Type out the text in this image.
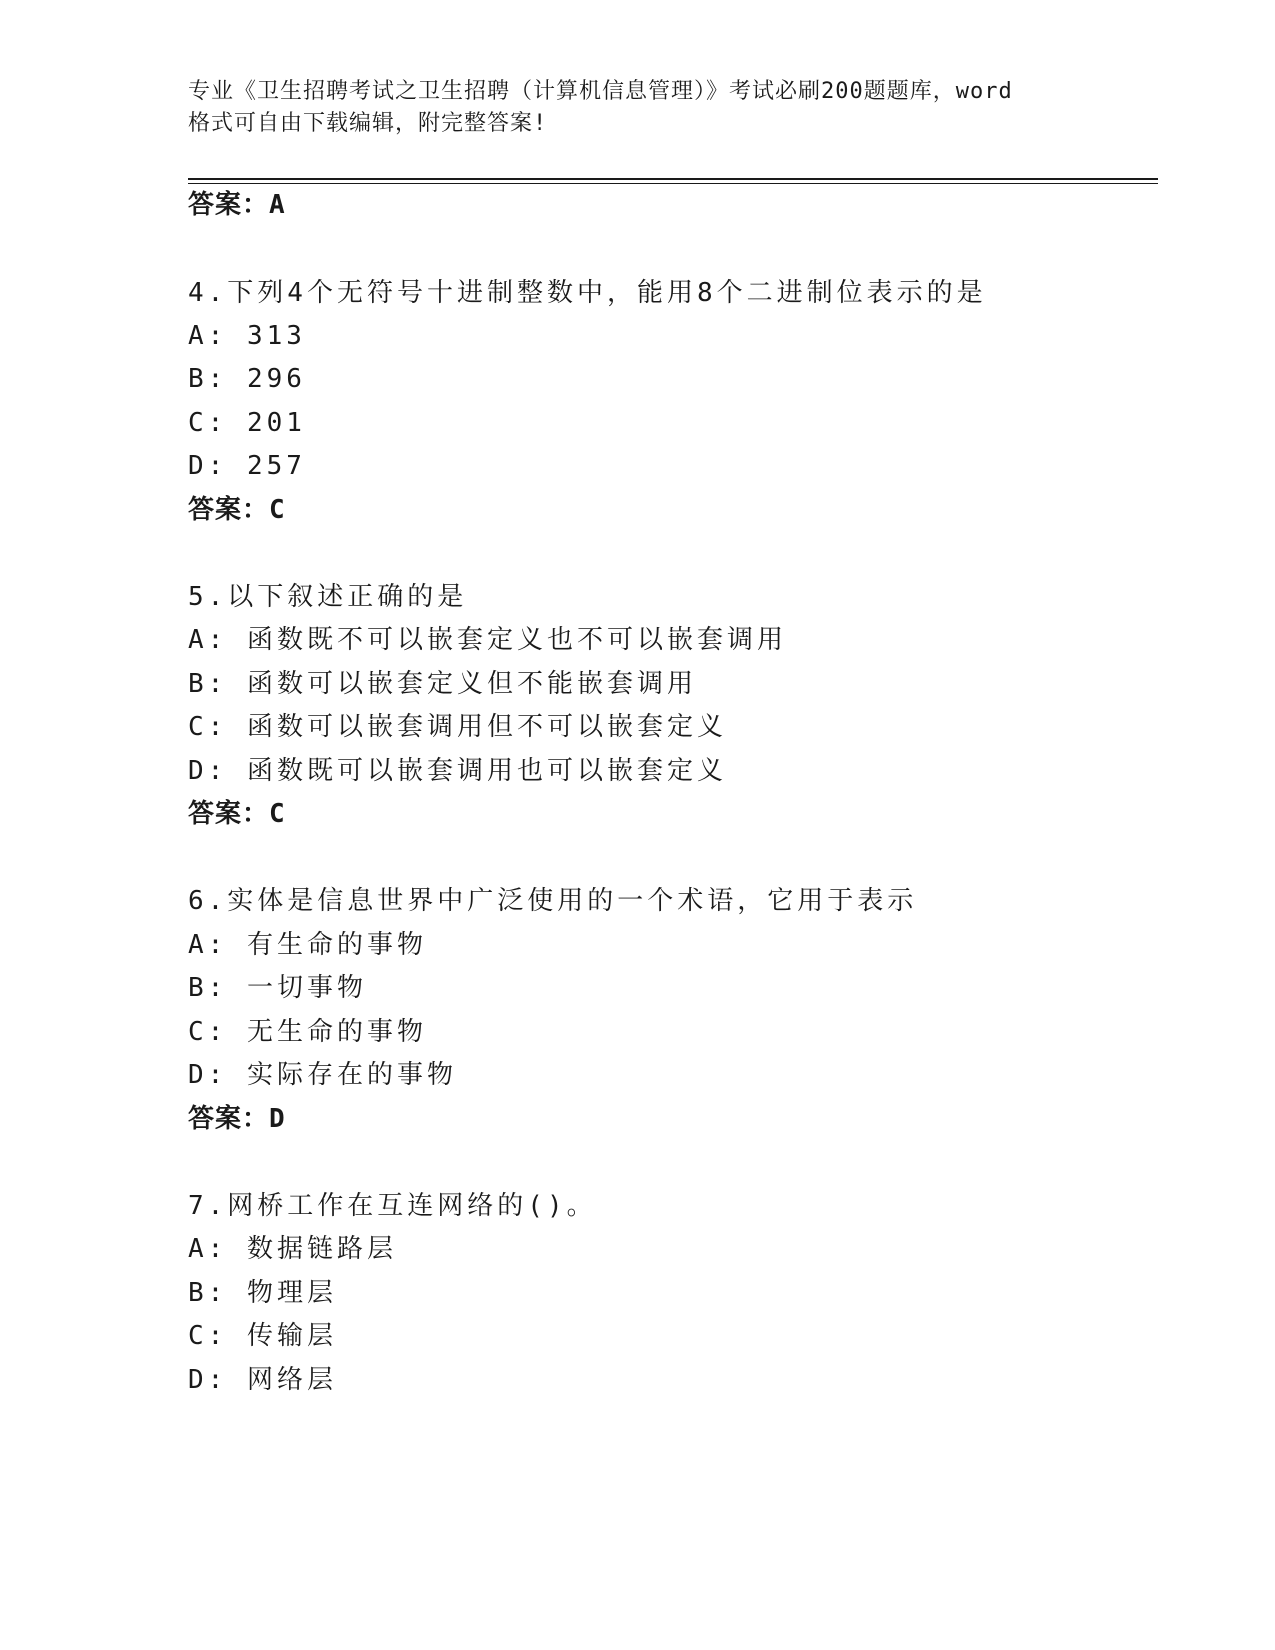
专业《卫生招聘考试之卫生招聘（计算机信息管理）》考试必刷200题题库，word
格式可自由下载编辑，附完整答案!
答案：A
4.下列4个无符号十进制整数中，能用8个二进制位表示的是
A: 313
B: 296
C: 201
D: 257
答案：C
5.以下叙述正确的是
A: 函数既不可以嵌套定义也不可以嵌套调用
B: 函数可以嵌套定义但不能嵌套调用
C: 函数可以嵌套调用但不可以嵌套定义
D: 函数既可以嵌套调用也可以嵌套定义
答案：C
6.实体是信息世界中广泛使用的一个术语，它用于表示
A: 有生命的事物
B: 一切事物
C: 无生命的事物
D: 实际存在的事物
答案：D
7.网桥工作在互连网络的()。
A: 数据链路层
B: 物理层
C: 传输层
D: 网络层
